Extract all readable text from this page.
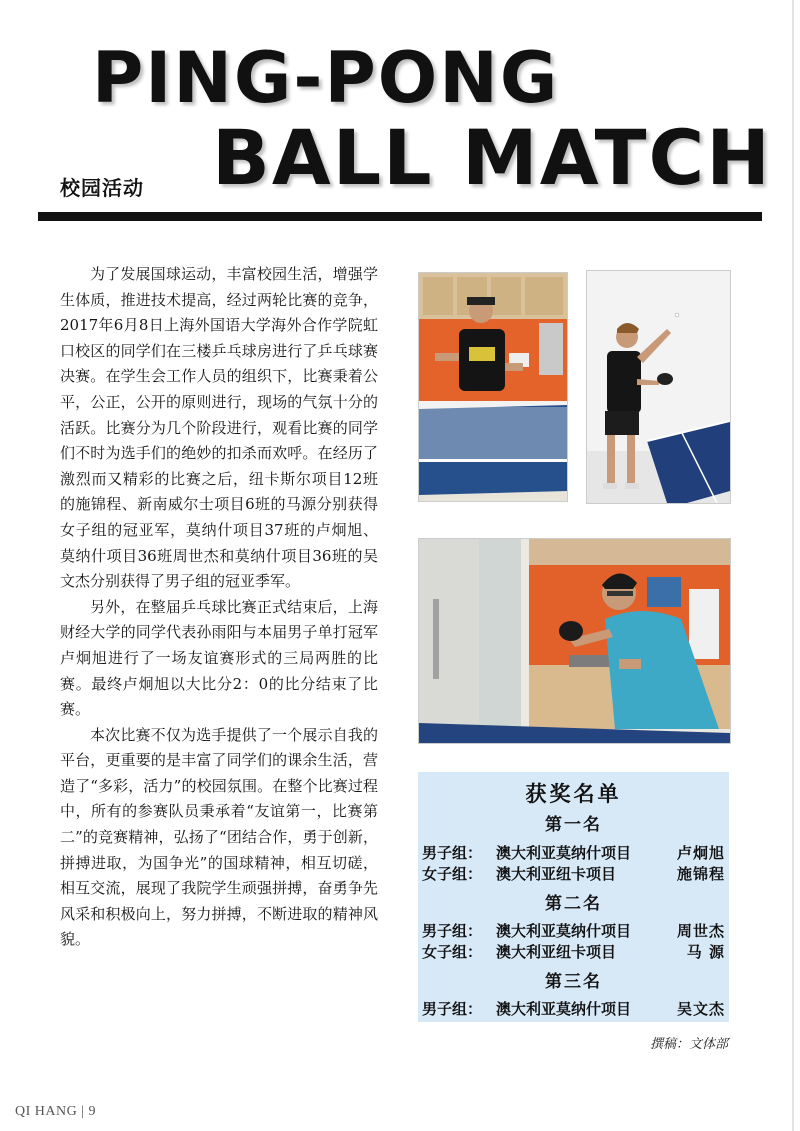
PING-PONG
BALL MATCH
校园活动

为了发展国球运动，丰富校园生活，增强学生体质，推进技术提高，经过两轮比赛的竞争，2017年6月8日上海外国语大学海外合作学院虹口校区的同学们在三楼乒乓球房进行了乒乓球赛决赛。在学生会工作人员的组织下，比赛秉着公平，公正，公开的原则进行，现场的气氛十分的活跃。比赛分为几个阶段进行，观看比赛的同学们不时为选手们的绝妙的扣杀而欢呼。在经历了激烈而又精彩的比赛之后，纽卡斯尔项目12班的施锦程、新南威尔士项目6班的马源分别获得女子组的冠亚军，莫纳什项目37班的卢炯旭、莫纳什项目36班周世杰和莫纳什项目36班的吴文杰分别获得了男子组的冠亚季军。

另外，在整届乒乓球比赛正式结束后，上海财经大学的同学代表孙雨阳与本届男子单打冠军卢炯旭进行了一场友谊赛形式的三局两胜的比赛。最终卢炯旭以大比分2：0的比分结束了比赛。

本次比赛不仅为选手提供了一个展示自我的平台，更重要的是丰富了同学们的课余生活，营造了“多彩，活力”的校园氛围。在整个比赛过程中，所有的参赛队员秉承着“友谊第一，比赛第二”的竞赛精神，弘扬了“团结合作，勇于创新，拼搏进取，为国争光”的国球精神，相互切磋，相互交流，展现了我院学生顽强拼搏，奋勇争先风采和积极向上，努力拼搏，不断进取的精神风貌。

获奖名单
第一名
男子组： 澳大利亚莫纳什项目	卢炯旭
女子组： 澳大利亚纽卡项目	施锦程
第二名
男子组： 澳大利亚莫纳什项目	周世杰
女子组： 澳大利亚纽卡项目	马 源
第三名
男子组： 澳大利亚莫纳什项目	吴文杰
撰稿：文体部
QI HANG | 9
